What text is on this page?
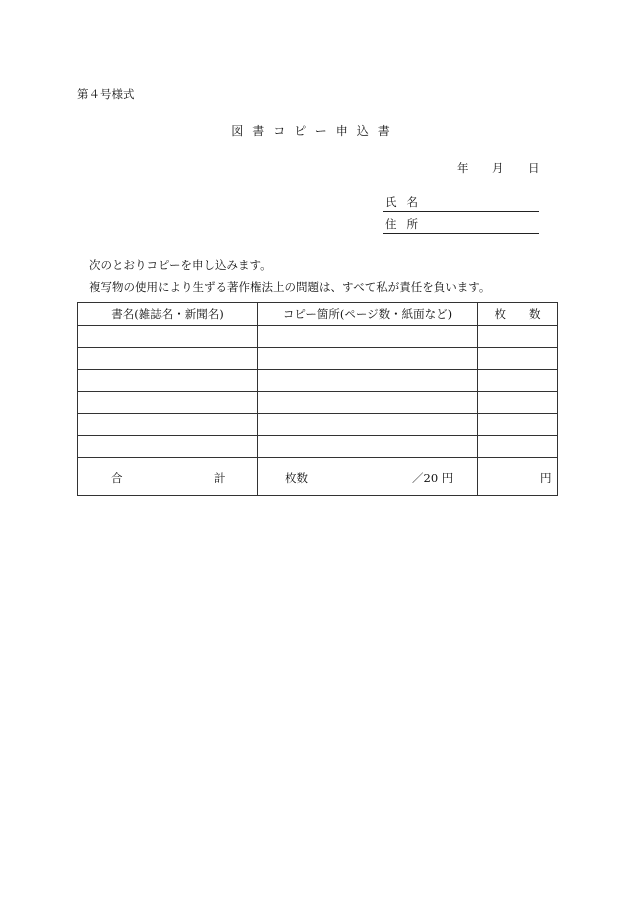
第４号様式
図書コピー申込書
年 月 日
氏名
住所
次のとおりコピーを申し込みます。
複写物の使用により生ずる著作権法上の問題は、すべて私が責任を負います。
書名(雑誌名・新聞名)	コピー箇所(ページ数・紙面など)	枚　　数

合 計	枚数 ／20 円	円
